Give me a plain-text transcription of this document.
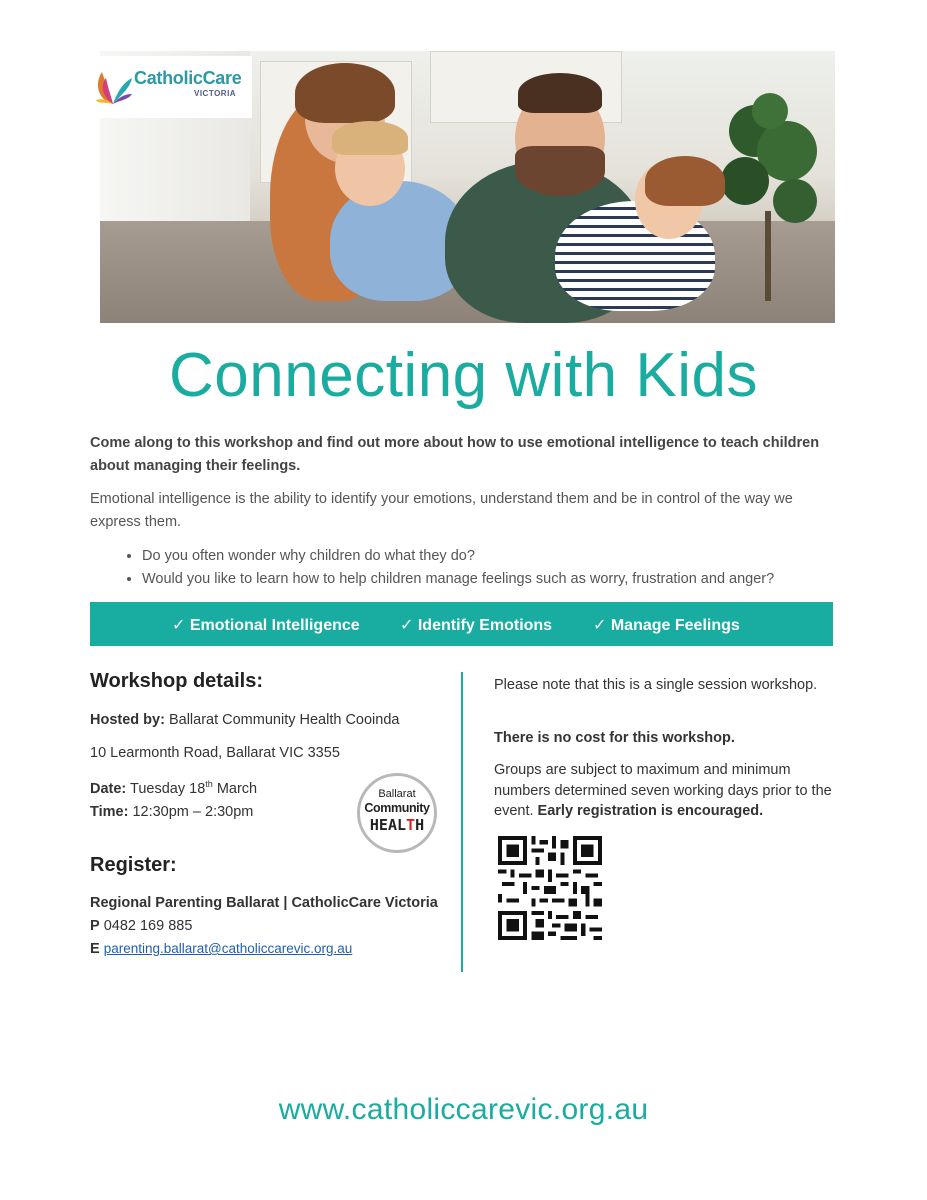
CatholicCare
VICTORIA
Connecting with Kids
Come along to this workshop and find out more about how to use emotional intelligence to teach children about managing their feelings.
Emotional intelligence is the ability to identify your emotions, understand them and be in control of the way we express them.
• Do you often wonder why children do what they do?
• Would you like to learn how to help children manage feelings such as worry, frustration and anger?
✓ Emotional Intelligence	✓ Identify Emotions	✓ Manage Feelings
Workshop details:
Hosted by: Ballarat Community Health Cooinda
10 Learmonth Road, Ballarat VIC 3355
Date: Tuesday 18th March
Time: 12:30pm – 2:30pm
Ballarat
Community
HEALTH
Register:
Regional Parenting Ballarat | CatholicCare Victoria
P 0482 169 885
E parenting.ballarat@catholiccarevic.org.au
Please note that this is a single session workshop.
There is no cost for this workshop.
Groups are subject to maximum and minimum numbers determined seven working days prior to the event. Early registration is encouraged.
www.catholiccarevic.org.au
